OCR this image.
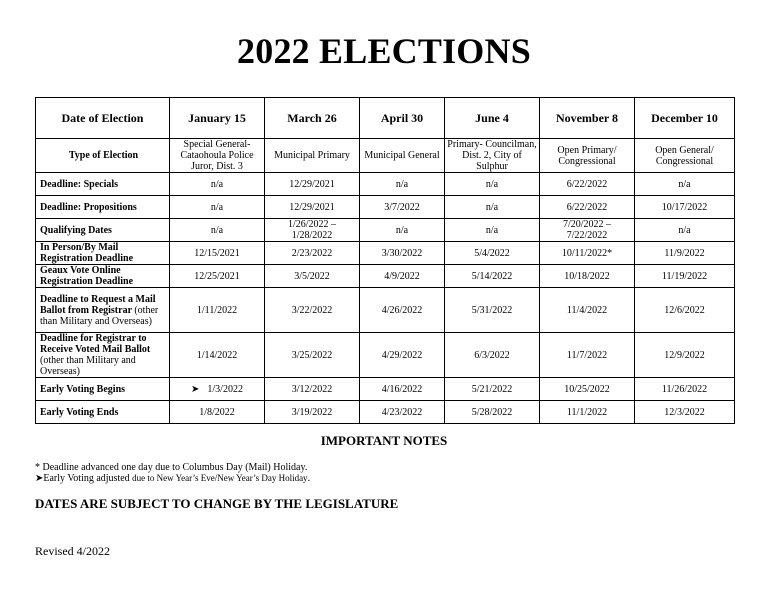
2022 ELECTIONS
Date of Election	January 15	March 26	April 30	June 4	November 8	December 10
Type of Election	Special General-Cataohoula Police Juror, Dist. 3	Municipal Primary	Municipal General	Primary- Councilman, Dist. 2, City of Sulphur	Open Primary/ Congressional	Open General/ Congressional
Deadline: Specials	n/a	12/29/2021	n/a	n/a	6/22/2022	n/a
Deadline: Propositions	n/a	12/29/2021	3/7/2022	n/a	6/22/2022	10/17/2022
Qualifying Dates	n/a	1/26/2022 – 1/28/2022	n/a	n/a	7/20/2022 – 7/22/2022	n/a
In Person/By Mail Registration Deadline	12/15/2021	2/23/2022	3/30/2022	5/4/2022	10/11/2022*	11/9/2022
Geaux Vote Online Registration Deadline	12/25/2021	3/5/2022	4/9/2022	5/14/2022	10/18/2022	11/19/2022
Deadline to Request a Mail Ballot from Registrar (other than Military and Overseas)	1/11/2022	3/22/2022	4/26/2022	5/31/2022	11/4/2022	12/6/2022
Deadline for Registrar to Receive Voted Mail Ballot (other than Military and Overseas)	1/14/2022	3/25/2022	4/29/2022	6/3/2022	11/7/2022	12/9/2022
Early Voting Begins	➤ 1/3/2022	3/12/2022	4/16/2022	5/21/2022	10/25/2022	11/26/2022
Early Voting Ends	1/8/2022	3/19/2022	4/23/2022	5/28/2022	11/1/2022	12/3/2022
IMPORTANT NOTES
* Deadline advanced one day due to Columbus Day (Mail) Holiday.
➤Early Voting adjusted due to New Year’s Eve/New Year’s Day Holiday.
DATES ARE SUBJECT TO CHANGE BY THE LEGISLATURE
Revised 4/2022
